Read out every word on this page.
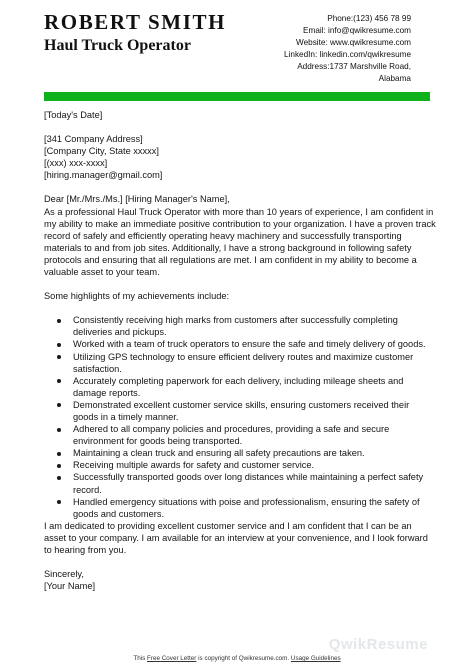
ROBERT SMITH
Haul Truck Operator
Phone:(123) 456 78 99
Email: info@qwikresume.com
Website: www.qwikresume.com
LinkedIn: linkedin.com/qwikresume
Address:1737 Marshville Road,
Alabama

[Today's Date]

[341 Company Address]

[Company City, State xxxxx]

[(xxx) xxx-xxxx]

[hiring.manager@gmail.com]

Dear [Mr./Mrs./Ms.] [Hiring Manager's Name],

As a professional Haul Truck Operator with more than 10 years of experience, I am confident in my ability to make an immediate positive contribution to your organization. I have a proven track record of safely and efficiently operating heavy machinery and successfully transporting materials to and from job sites. Additionally, I have a strong background in following safety protocols and ensuring that all regulations are met. I am confident in my ability to become a valuable asset to your team.

Some highlights of my achievements include:

Consistently receiving high marks from customers after successfully completing deliveries and pickups.
Worked with a team of truck operators to ensure the safe and timely delivery of goods.
Utilizing GPS technology to ensure efficient delivery routes and maximize customer satisfaction.
Accurately completing paperwork for each delivery, including mileage sheets and damage reports.
Demonstrated excellent customer service skills, ensuring customers received their goods in a timely manner.
Adhered to all company policies and procedures, providing a safe and secure environment for goods being transported.
Maintaining a clean truck and ensuring all safety precautions are taken.
Receiving multiple awards for safety and customer service.
Successfully transported goods over long distances while maintaining a perfect safety record.
Handled emergency situations with poise and professionalism, ensuring the safety of goods and customers.

I am dedicated to providing excellent customer service and I am confident that I can be an asset to your company. I am available for an interview at your convenience, and I look forward to hearing from you.

Sincerely,

[Your Name]

QwikResume
This Free Cover Letter is copyright of Qwikresume.com. Usage Guidelines
